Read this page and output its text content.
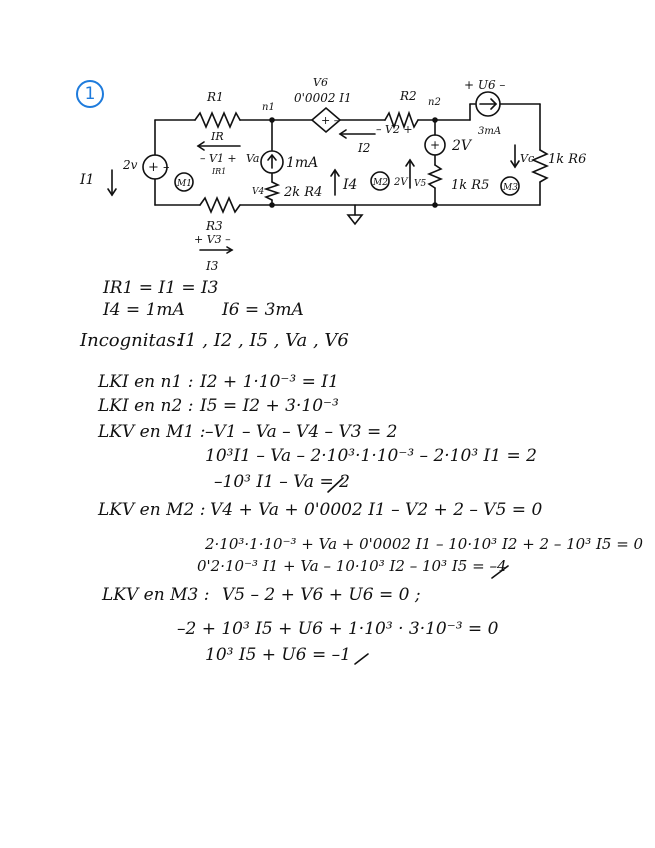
1
+ –
+
+ –
R1
n1
V6
0'0002 I1	R2 n2
+ U6 –
3mA
IR
I2
– V2 +
– V1 +
IR1
Va 1mA
2v
I1	M1
V4 2k R4 I4 M2 2V V5
2V
1k R5
Vc
M3
1k R6
R3
+ V3 –
I3
IR1 = I1 = I3
I4 = 1mA I6 = 3mA
Incognitas:
I1 , I2 , I5 , Va , V6
LKI en n1 : I2 + 1·10⁻³ = I1
LKI en n2 : I5 = I2 + 3·10⁻³
LKV en M1 : –V1 – Va – V4 – V3 = 2
10³I1 – Va – 2·10³·1·10⁻³ – 2·10³ I1 = 2
–10³ I1 – Va = 2
LKV en M2 : V4 + Va + 0'0002 I1 – V2 + 2 – V5 = 0
2·10³·1·10⁻³ + Va + 0'0002 I1 – 10·10³ I2 + 2 – 10³ I5 = 0
0'2·10⁻³ I1 + Va – 10·10³ I2 – 10³ I5 = –4
LKV en M3 : V5 – 2 + V6 + U6 = 0 ;
–2 + 10³ I5 + U6 + 1·10³ · 3·10⁻³ = 0
10³ I5 + U6 = –1
